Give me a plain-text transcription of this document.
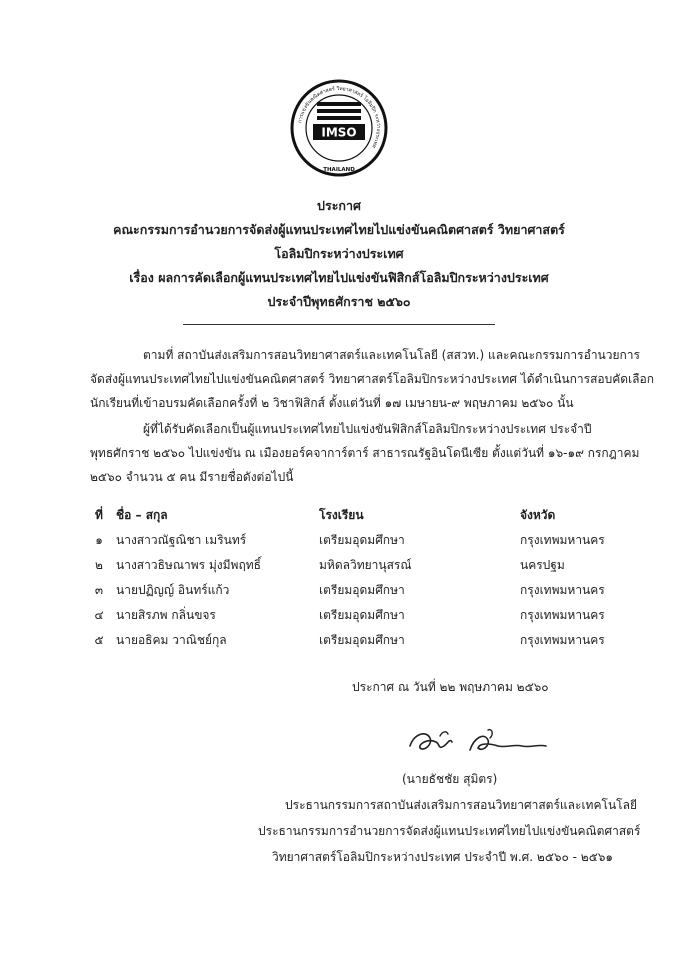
การแข่งขันคณิตศาสตร์ วิทยาศาสตร์ โอลิมปิก ระหว่างประเทศ
IMSO
THAILAND
ประกาศ
คณะกรรมการอำนวยการจัดส่งผู้แทนประเทศไทยไปแข่งขันคณิตศาสตร์ วิทยาศาสตร์
โอลิมปิกระหว่างประเทศ
เรื่อง ผลการคัดเลือกผู้แทนประเทศไทยไปแข่งขันฟิสิกส์โอลิมปิกระหว่างประเทศ
ประจำปีพุทธศักราช ๒๕๖๐
ตามที่ สถาบันส่งเสริมการสอนวิทยาศาสตร์และเทคโนโลยี (สสวท.) และคณะกรรมการอำนวยการ
จัดส่งผู้แทนประเทศไทยไปแข่งขันคณิตศาสตร์ วิทยาศาสตร์โอลิมปิกระหว่างประเทศ ได้ดำเนินการสอบคัดเลือก
นักเรียนที่เข้าอบรมคัดเลือกครั้งที่ ๒ วิชาฟิสิกส์ ตั้งแต่วันที่ ๑๗ เมษายน-๙ พฤษภาคม ๒๕๖๐ นั้น
ผู้ที่ได้รับคัดเลือกเป็นผู้แทนประเทศไทยไปแข่งขันฟิสิกส์โอลิมปิกระหว่างประเทศ ประจำปี
พุทธศักราช ๒๕๖๐ ไปแข่งขัน ณ เมืองยอร์คจาการ์ตาร์ สาธารณรัฐอินโดนีเซีย ตั้งแต่วันที่ ๑๖-๑๙ กรกฎาคม
๒๕๖๐ จำนวน ๕ คน มีรายชื่อดังต่อไปนี้
ที่	ชื่อ – สกุล	โรงเรียน	จังหวัด
๑	นางสาวณัฐณิชา เมรินทร์	เตรียมอุดมศึกษา	กรุงเทพมหานคร
๒	นางสาวธิษณาพร มุ่งมีพฤทธิ์	มหิดลวิทยานุสรณ์	นครปฐม
๓	นายปฏิญญ์ อินทร์แก้ว	เตรียมอุดมศึกษา	กรุงเทพมหานคร
๔	นายสิรภพ กลิ่นขจร	เตรียมอุดมศึกษา	กรุงเทพมหานคร
๕	นายอธิคม วาณิชย์กุล	เตรียมอุดมศึกษา	กรุงเทพมหานคร
ประกาศ ณ วันที่ ๒๒ พฤษภาคม ๒๕๖๐
(นายธัชชัย สุมิตร)
ประธานกรรมการสถาบันส่งเสริมการสอนวิทยาศาสตร์และเทคโนโลยี
ประธานกรรมการอำนวยการจัดส่งผู้แทนประเทศไทยไปแข่งขันคณิตศาสตร์
วิทยาศาสตร์โอลิมปิกระหว่างประเทศ ประจำปี พ.ศ. ๒๕๖๐ - ๒๕๖๑
